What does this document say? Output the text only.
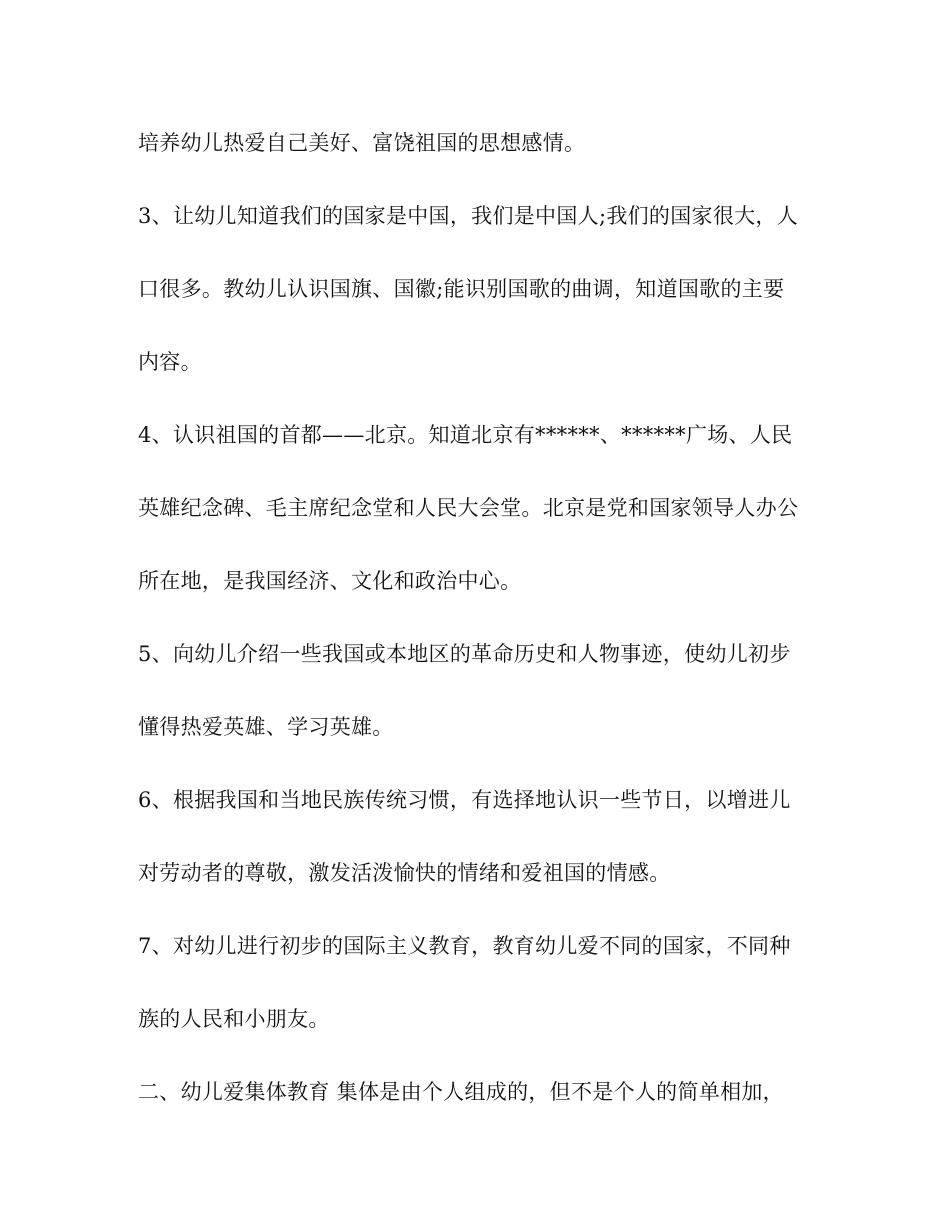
培养幼儿热爱自己美好、富饶祖国的思想感情。
3、让幼儿知道我们的国家是中国，我们是中国人;我们的国家很大，人
口很多。教幼儿认识国旗、国徽;能识别国歌的曲调，知道国歌的主要
内容。
4、认识祖国的首都——北京。知道北京有******、******广场、人民
英雄纪念碑、毛主席纪念堂和人民大会堂。北京是党和国家领导人办公
所在地，是我国经济、文化和政治中心。
5、向幼儿介绍一些我国或本地区的革命历史和人物事迹，使幼儿初步
懂得热爱英雄、学习英雄。
6、根据我国和当地民族传统习惯，有选择地认识一些节日，以增进儿
对劳动者的尊敬，激发活泼愉快的情绪和爱祖国的情感。
7、对幼儿进行初步的国际主义教育，教育幼儿爱不同的国家，不同种
族的人民和小朋友。
二、幼儿爱集体教育 集体是由个人组成的，但不是个人的简单相加，
